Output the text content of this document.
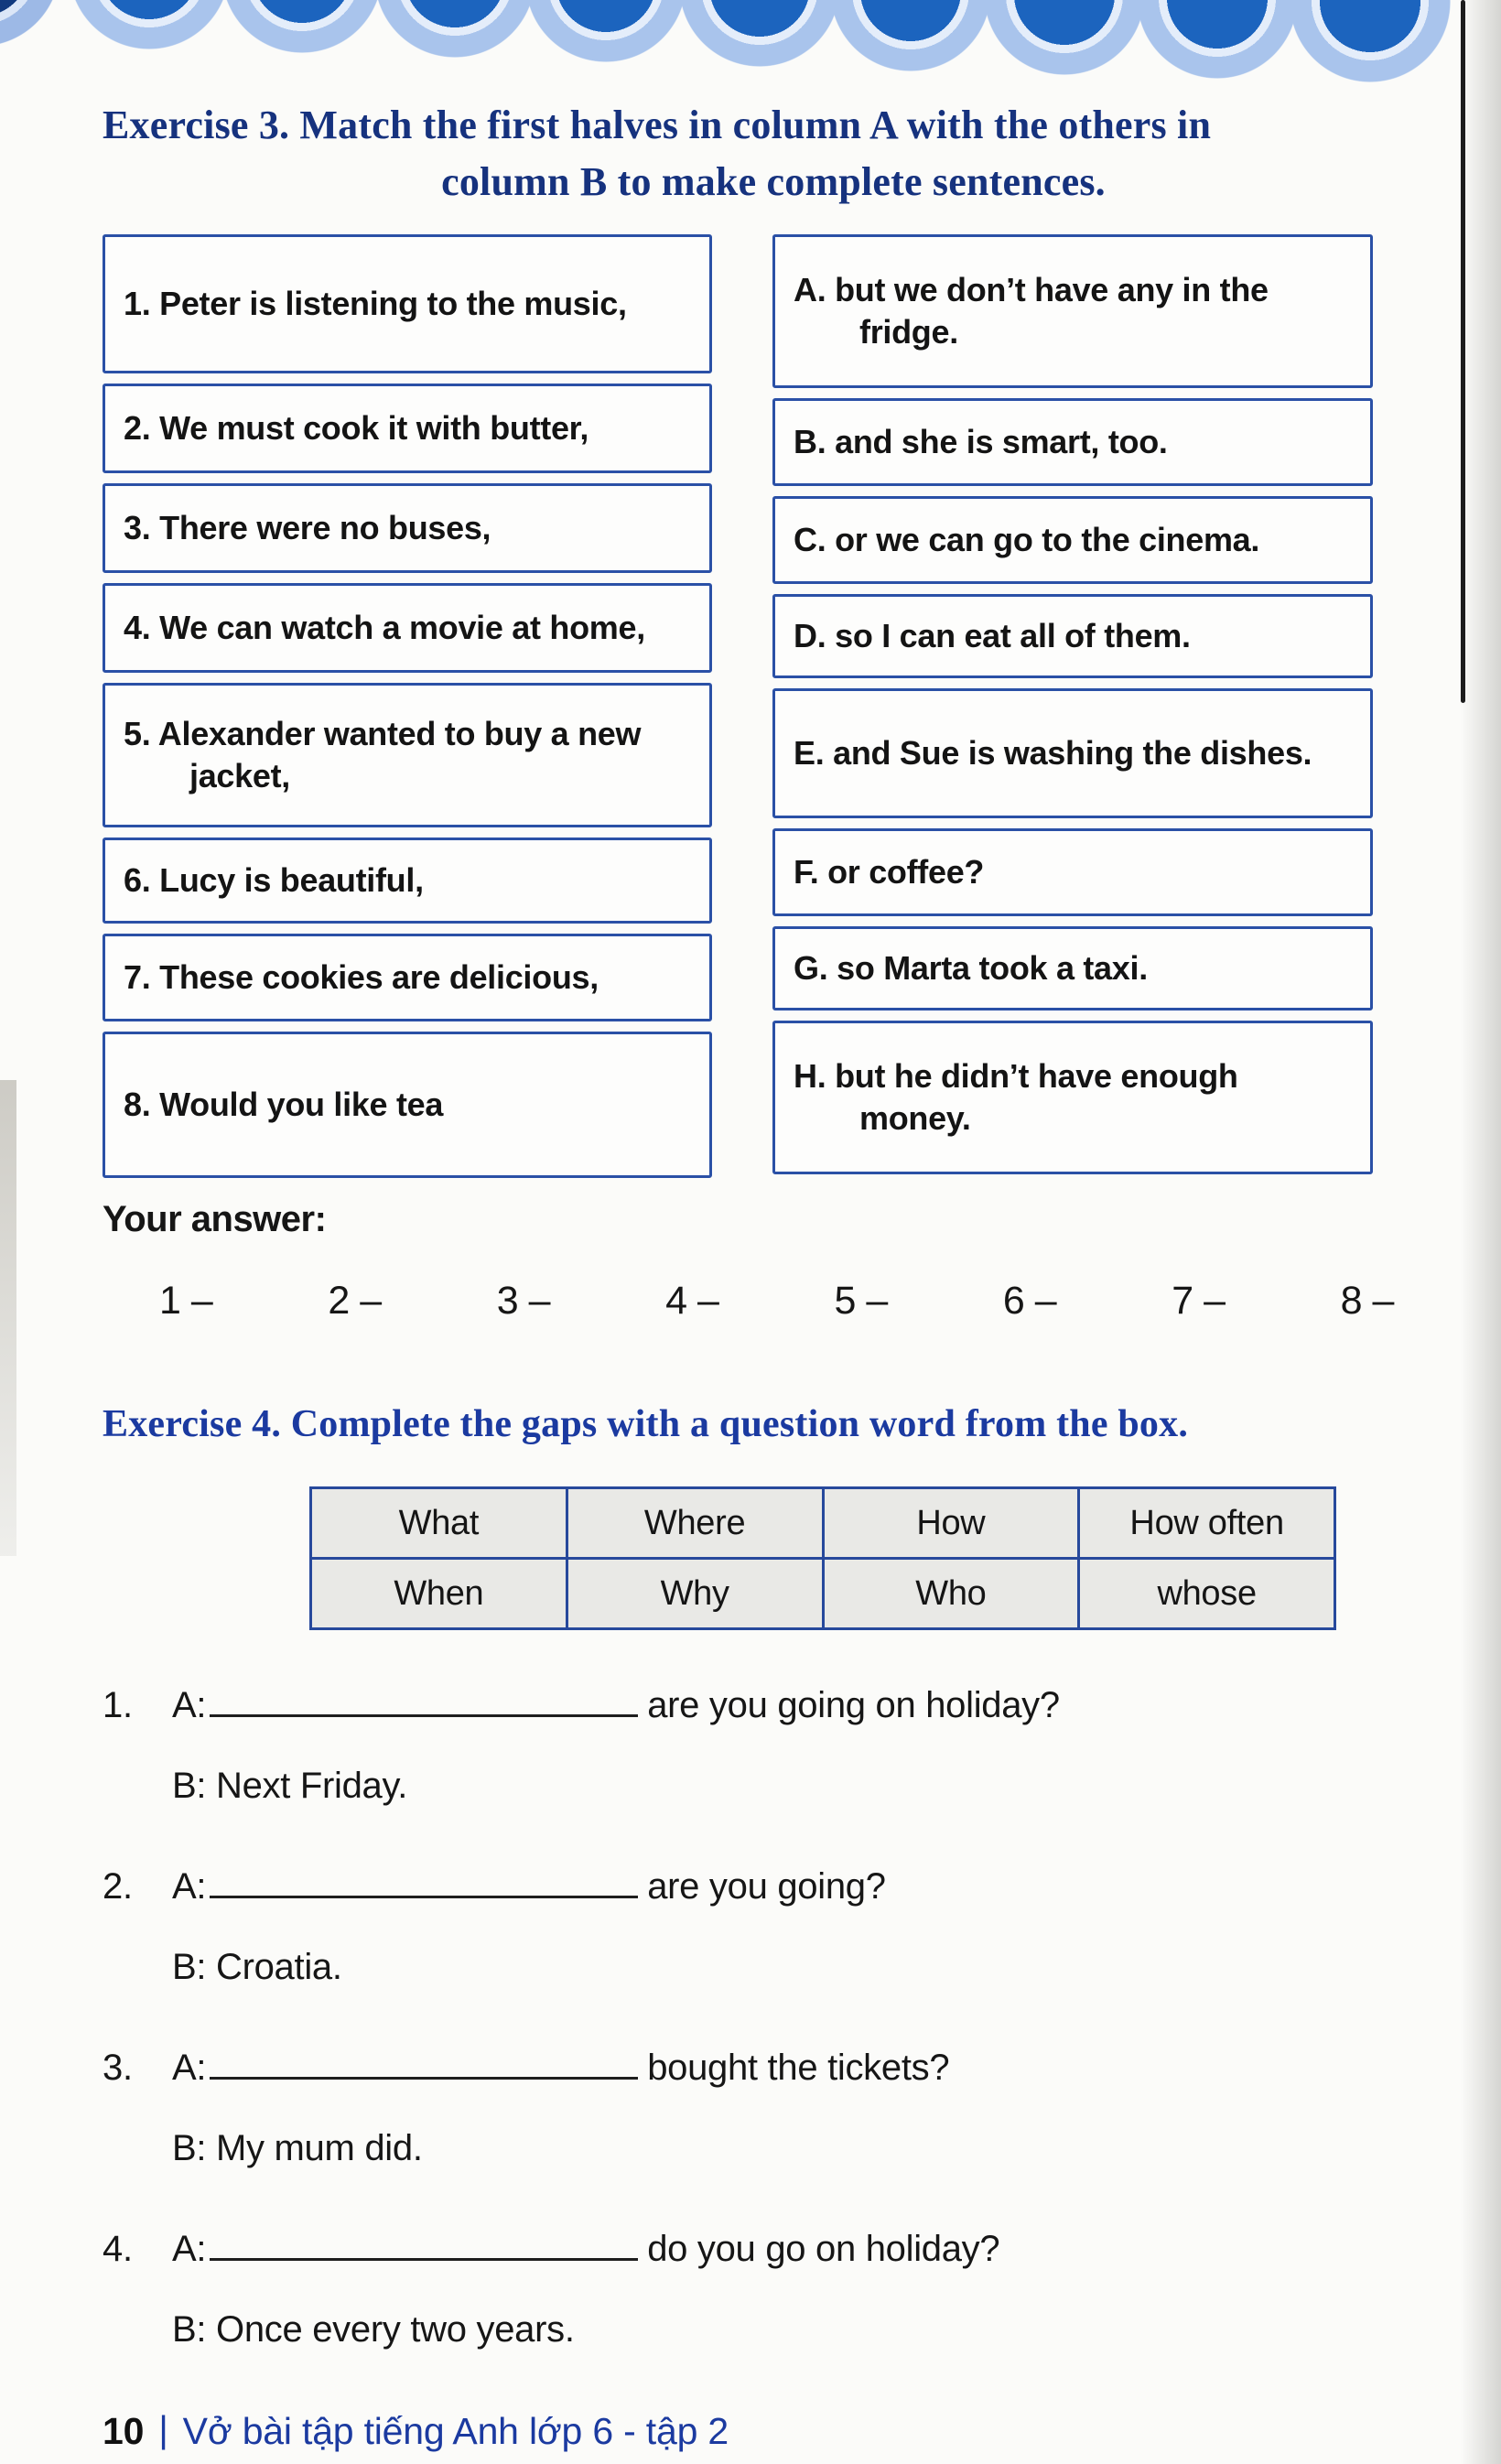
Exercise 3. Match the first halves in column A with the others in
column B to make complete sentences.
1. Peter is listening to the music,
2. We must cook it with butter,
3. There were no buses,
4. We can watch a movie at home,
5. Alexander wanted to buy a new jacket,
6. Lucy is beautiful,
7. These cookies are delicious,
8. Would you like tea
A. but we don’t have any in the fridge.
B. and she is smart, too.
C. or we can go to the cinema.
D. so I can eat all of them.
E. and Sue is washing the dishes.
F. or coffee?
G. so Marta took a taxi.
H. but he didn’t have enough money.
Your answer:
1 –	2 –	3 –	4 –	5 –	6 –	7 –	8 –
Exercise 4. Complete the gaps with a question word from the box.
What	Where	How	How often
When	Why	Who	whose
1.	A:	are you going on holiday?
B: Next Friday.
2.	A:	are you going?
B: Croatia.
3.	A:	bought the tickets?
B: My mum did.
4.	A:	do you go on holiday?
B: Once every two years.
10 | Vở bài tập tiếng Anh lớp 6 - tập 2
